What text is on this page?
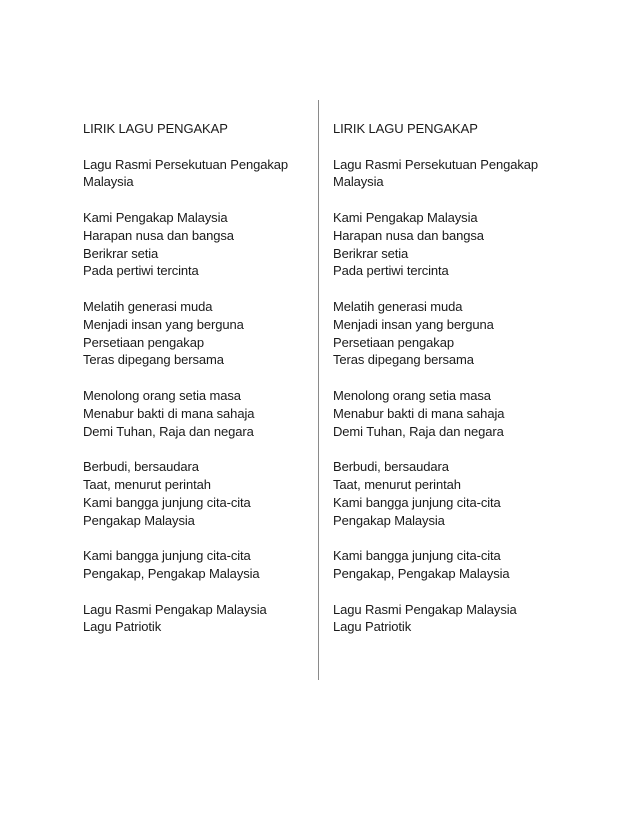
LIRIK LAGU PENGAKAP
Lagu Rasmi Persekutuan Pengakap
Malaysia
Kami Pengakap Malaysia
Harapan nusa dan bangsa
Berikrar setia
Pada pertiwi tercinta
Melatih generasi muda
Menjadi insan yang berguna
Persetiaan pengakap
Teras dipegang bersama
Menolong orang setia masa
Menabur bakti di mana sahaja
Demi Tuhan, Raja dan negara
Berbudi, bersaudara
Taat, menurut perintah
Kami bangga junjung cita-cita
Pengakap Malaysia
Kami bangga junjung cita-cita
Pengakap, Pengakap Malaysia
Lagu Rasmi Pengakap Malaysia
Lagu Patriotik
LIRIK LAGU PENGAKAP
Lagu Rasmi Persekutuan Pengakap
Malaysia
Kami Pengakap Malaysia
Harapan nusa dan bangsa
Berikrar setia
Pada pertiwi tercinta
Melatih generasi muda
Menjadi insan yang berguna
Persetiaan pengakap
Teras dipegang bersama
Menolong orang setia masa
Menabur bakti di mana sahaja
Demi Tuhan, Raja dan negara
Berbudi, bersaudara
Taat, menurut perintah
Kami bangga junjung cita-cita
Pengakap Malaysia
Kami bangga junjung cita-cita
Pengakap, Pengakap Malaysia
Lagu Rasmi Pengakap Malaysia
Lagu Patriotik
